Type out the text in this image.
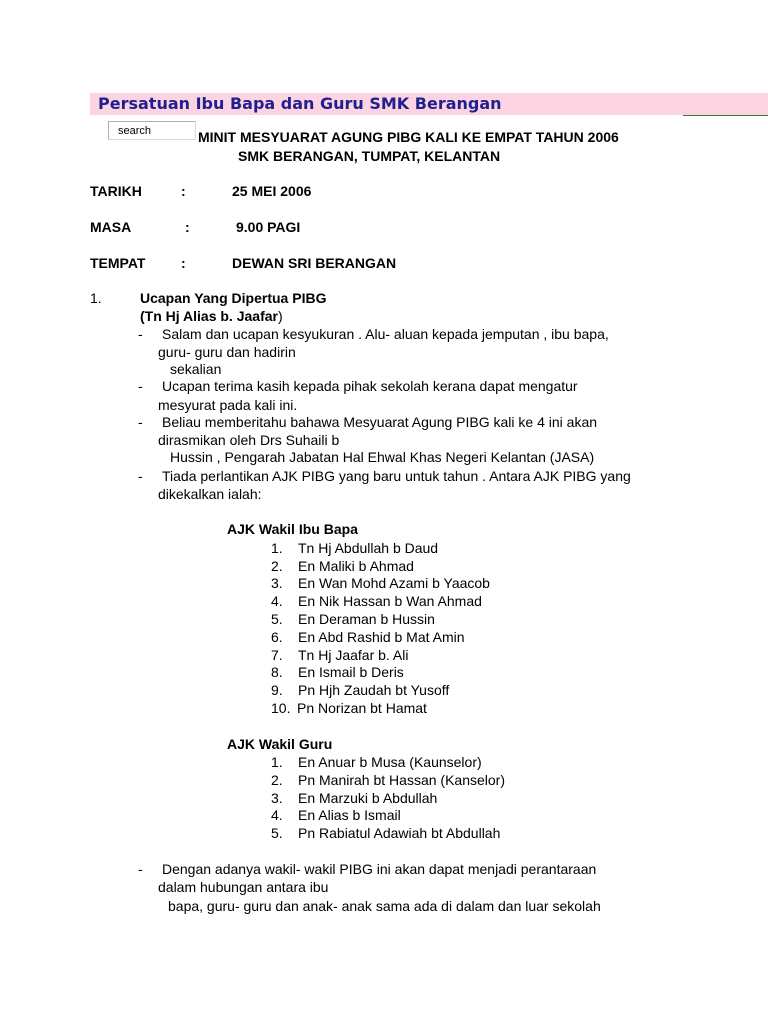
Persatuan Ibu Bapa dan Guru SMK Berangan
search
MINIT MESYUARAT AGUNG PIBG KALI KE EMPAT TAHUN 2006
SMK BERANGAN, TUMPAT, KELANTAN
TARIKH	:	25 MEI 2006
MASA	:	9.00 PAGI
TEMPAT	:	DEWAN SRI BERANGAN
1.	Ucapan Yang Dipertua PIBG
(Tn Hj Alias b. Jaafar)
- Salam dan ucapan kesyukuran . Alu- aluan kepada jemputan , ibu bapa,
guru- guru dan hadirin
sekalian
- Ucapan terima kasih kepada pihak sekolah kerana dapat mengatur
mesyurat pada kali ini.
- Beliau memberitahu bahawa Mesyuarat Agung PIBG kali ke 4 ini akan
dirasmikan oleh Drs Suhaili b
Hussin , Pengarah Jabatan Hal Ehwal Khas Negeri Kelantan (JASA)
- Tiada perlantikan AJK PIBG yang baru untuk tahun . Antara AJK PIBG yang
dikekalkan ialah:
AJK Wakil Ibu Bapa
1. Tn Hj Abdullah b Daud
2. En Maliki b Ahmad
3. En Wan Mohd Azami b Yaacob
4. En Nik Hassan b Wan Ahmad
5. En Deraman b Hussin
6. En Abd Rashid b Mat Amin
7. Tn Hj Jaafar b. Ali
8. En Ismail b Deris
9. Pn Hjh Zaudah bt Yusoff
10. Pn Norizan bt Hamat
AJK Wakil Guru
1. En Anuar b Musa (Kaunselor)
2. Pn Manirah bt Hassan (Kanselor)
3. En Marzuki b Abdullah
4. En Alias b Ismail
5. Pn Rabiatul Adawiah bt Abdullah
- Dengan adanya wakil- wakil PIBG ini akan dapat menjadi perantaraan
dalam hubungan antara ibu
bapa, guru- guru dan anak- anak sama ada di dalam dan luar sekolah
